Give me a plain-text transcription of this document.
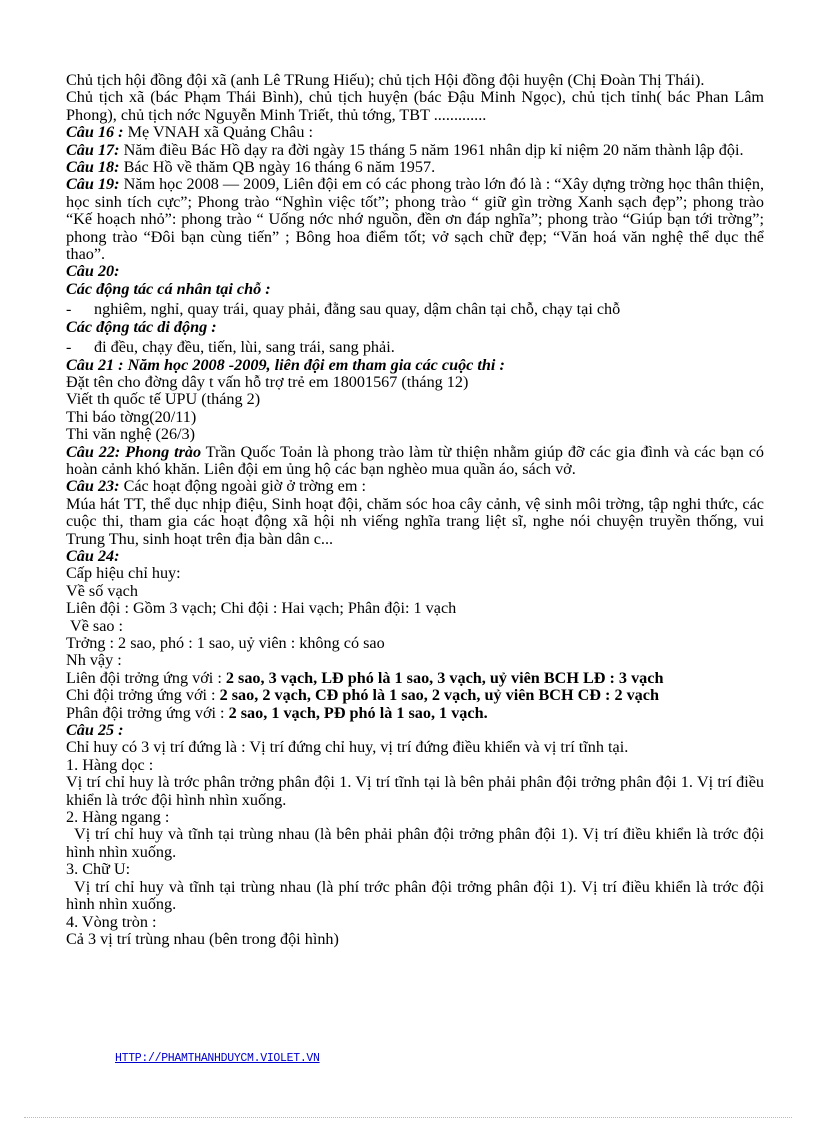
Chủ tịch hội đồng đội xã (anh Lê TRung Hiếu); chủ tịch Hội đồng đội huyện (Chị Đoàn Thị Thái).

Chủ tịch xã (bác Phạm Thái Bình), chủ tịch huyện (bác Đậu Minh Ngọc), chủ tịch tỉnh( bác Phan Lâm Phong), chủ tịch nớc Nguyễn Minh Triết, thủ tớng, TBT .............

Câu 16 : Mẹ VNAH xã Quảng Châu :

Câu 17: Năm điều Bác Hồ dạy ra đời ngày 15 tháng 5 năm 1961 nhân dịp kỉ niệm 20 năm thành lập đội.

Câu 18: Bác Hồ về thăm QB ngày 16 tháng 6 năm 1957.

Câu 19: Năm học 2008 — 2009, Liên đội em có các phong trào lớn đó là : “Xây dựng trờng học thân thiện, học sinh tích cực”; Phong trào “Nghìn việc tốt”; phong trào “ giữ gìn trờng Xanh sạch đẹp”; phong trào “Kế hoạch nhỏ”: phong trào “ Uống nớc nhớ nguồn, đền ơn đáp nghĩa”; phong trào “Giúp bạn tới trờng”; phong trào “Đôi bạn cùng tiến” ; Bông hoa điểm tốt; vở sạch chữ đẹp; “Văn hoá văn nghệ thể dục thể thao”.

Câu 20:

Các động tác cá nhân tại chỗ :

-	nghiêm, nghỉ, quay trái, quay phải, đằng sau quay, dậm chân tại chỗ, chạy tại chỗ

Các động tác di động :

-	đi đều, chạy đều, tiến, lùi, sang trái, sang phải.

Câu 21 : Năm học 2008 -2009, liên đội em tham gia các cuộc thi :

Đặt tên cho đờng dây t vấn hỗ trợ trẻ em 18001567 (tháng 12)

Viết th quốc tế UPU (tháng 2)

Thi báo tờng(20/11)

Thi văn nghệ (26/3)

Câu 22: Phong trào Trần Quốc Toản là phong trào làm từ thiện nhằm giúp đỡ các gia đình và các bạn có hoàn cảnh khó khăn. Liên đội em ủng hộ các bạn nghèo mua quần áo, sách vở.

Câu 23: Các hoạt động ngoài giờ ở trờng em :

Múa hát TT, thể dục nhịp điệu, Sinh hoạt đội, chăm sóc hoa cây cảnh, vệ sinh môi trờng, tập nghi thức, các cuộc thi, tham gia các hoạt động xã hội nh viếng nghĩa trang liệt sĩ, nghe nói chuyện truyền thống, vui Trung Thu, sinh hoạt trên địa bàn dân c...

Câu 24:

Cấp hiệu chỉ huy:

Về số vạch

Liên đội : Gồm 3 vạch; Chi đội : Hai vạch; Phân đội: 1 vạch

Về sao :

Trởng : 2 sao, phó : 1 sao, uỷ viên : không có sao

Nh vậy :

Liên đội trởng ứng với : 2 sao, 3 vạch, LĐ phó là 1 sao, 3 vạch, uỷ viên BCH LĐ : 3 vạch

Chi đội trởng ứng với : 2 sao, 2 vạch, CĐ phó là 1 sao, 2 vạch, uỷ viên BCH CĐ : 2 vạch

Phân đội trởng ứng với : 2 sao, 1 vạch, PĐ phó là 1 sao, 1 vạch.

Câu 25 :

Chỉ huy có 3 vị trí đứng là : Vị trí đứng chỉ huy, vị trí đứng điều khiển và vị trí tĩnh tại.

1. Hàng dọc :

Vị trí chỉ huy là trớc phân trởng phân đội 1. Vị trí tĩnh tại là bên phải phân đội trởng phân đội 1. Vị trí điều khiển là trớc đội hình nhìn xuống.

2. Hàng ngang :

Vị trí chỉ huy và tĩnh tại trùng nhau (là bên phải phân đội trởng phân đội 1). Vị trí điều khiển là trớc đội hình nhìn xuống.

3. Chữ U:

Vị trí chỉ huy và tĩnh tại trùng nhau (là phí trớc phân đội trởng phân đội 1). Vị trí điều khiển là trớc đội hình nhìn xuống.

4. Vòng tròn :

Cả 3 vị trí trùng nhau (bên trong đội hình)

HTTP://PHAMTHANHDUYCM.VIOLET.VN
